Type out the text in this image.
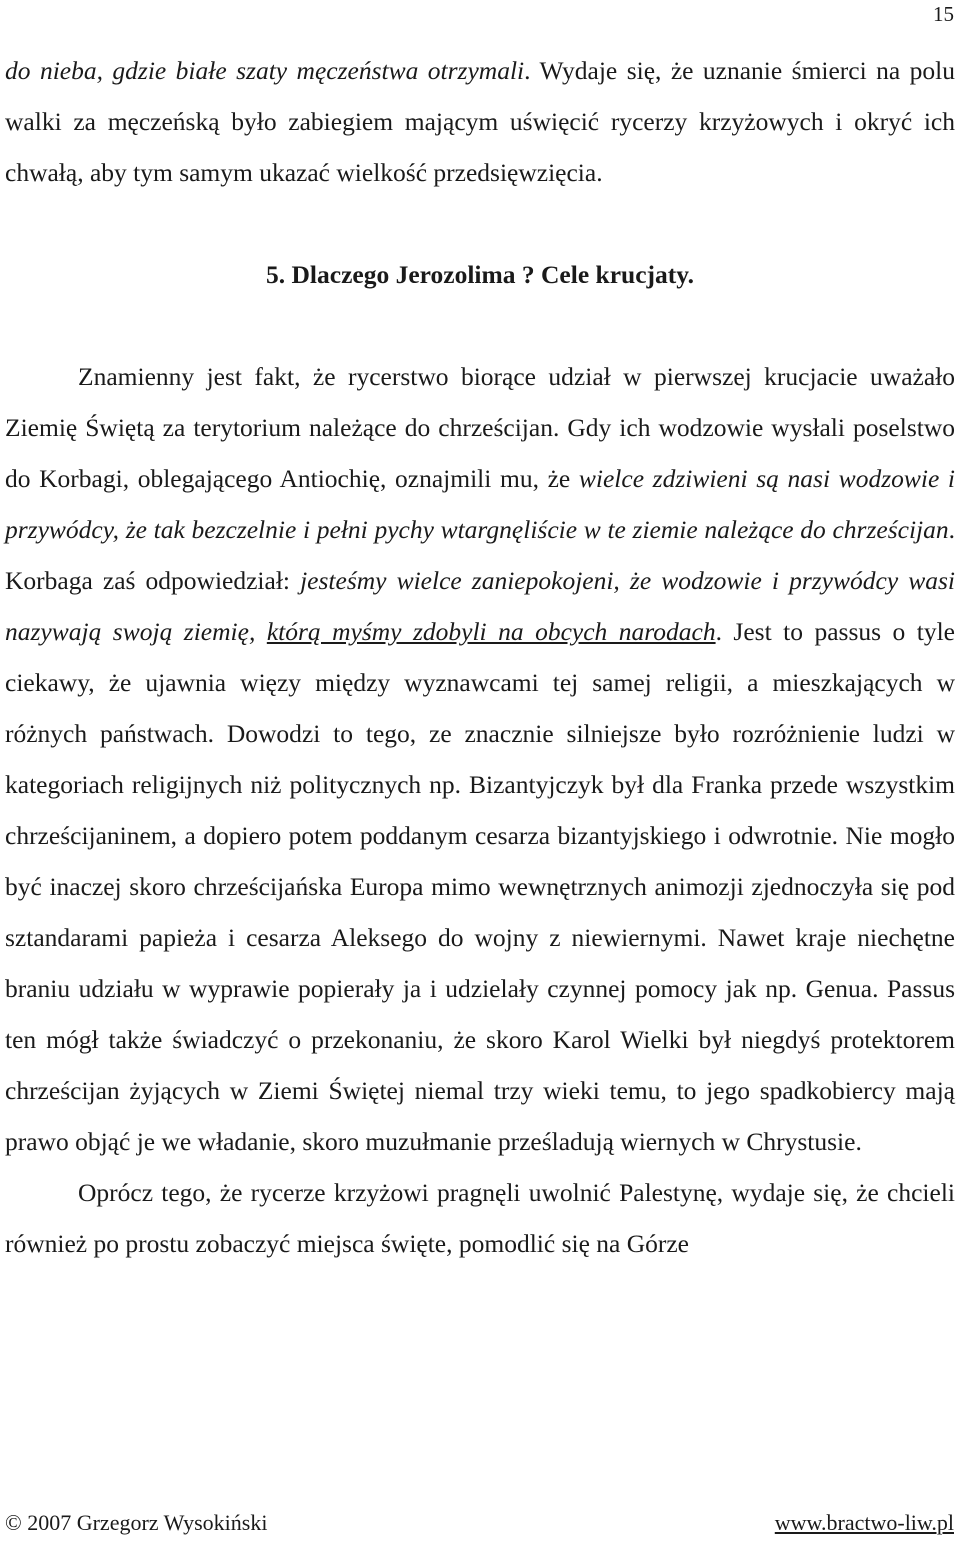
15

do nieba, gdzie białe szaty męczeństwa otrzymali. Wydaje się, że uznanie śmierci na polu walki za męczeńską było zabiegiem mającym uświęcić rycerzy krzyżowych i okryć ich chwałą, aby tym samym ukazać wielkość przedsięwzięcia.

5. Dlaczego Jerozolima ? Cele krucjaty.

Znamienny jest fakt, że rycerstwo biorące udział w pierwszej krucjacie uważało Ziemię Świętą za terytorium należące do chrześcijan. Gdy ich wodzowie wysłali poselstwo do Korbagi, oblegającego Antiochię, oznajmili mu, że wielce zdziwieni są nasi wodzowie i przywódcy, że tak bezczelnie i pełni pychy wtargnęliście w te ziemie należące do chrześcijan. Korbaga zaś odpowiedział: jesteśmy wielce zaniepokojeni, że wodzowie i przywódcy wasi nazywają swoją ziemię, którą myśmy zdobyli na obcych narodach. Jest to passus o tyle ciekawy, że ujawnia więzy między wyznawcami tej samej religii, a mieszkających w różnych państwach. Dowodzi to tego, ze znacznie silniejsze było rozróżnienie ludzi w kategoriach religijnych niż politycznych np. Bizantyjczyk był dla Franka przede wszystkim chrześcijaninem, a dopiero potem poddanym cesarza bizantyjskiego i odwrotnie. Nie mogło być inaczej skoro chrześcijańska Europa mimo wewnętrznych animozji zjednoczyła się pod sztandarami papieża i cesarza Aleksego do wojny z niewiernymi. Nawet kraje niechętne braniu udziału w wyprawie popierały ja i udzielały czynnej pomocy jak np. Genua. Passus ten mógł także świadczyć o przekonaniu, że skoro Karol Wielki był niegdyś protektorem chrześcijan żyjących w Ziemi Świętej niemal trzy wieki temu, to jego spadkobiercy mają prawo objąć je we władanie, skoro muzułmanie prześladują wiernych w Chrystusie.

Oprócz tego, że rycerze krzyżowi pragnęli uwolnić Palestynę, wydaje się, że chcieli również po prostu zobaczyć miejsca święte, pomodlić się na Górze

© 2007 Grzegorz Wysokiński	www.bractwo-liw.pl
